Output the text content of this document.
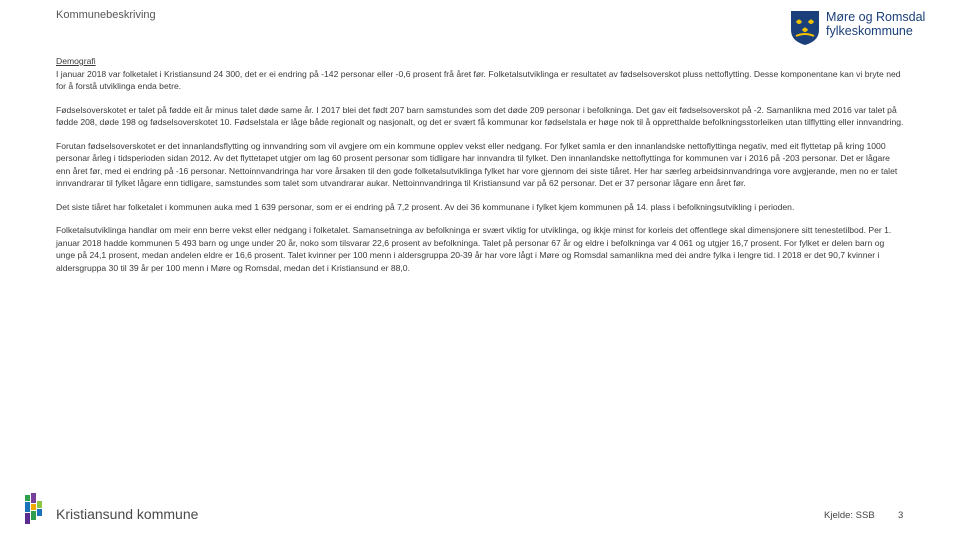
Kommunebeskriving	Møre og Romsdal
fylkeskommune

Demografi

I januar 2018 var folketalet i Kristiansund 24 300, det er ei endring på -142 personar eller -0,6 prosent frå året før. Folketalsutviklinga er resultatet av fødselsoverskot pluss nettoflytting. Desse komponentane kan vi bryte ned for å forstå utviklinga enda betre.

Fødselsoverskotet er talet på fødde eit år minus talet døde same år. I 2017 blei det født 207 barn samstundes som det døde 209 personar i befolkninga. Det gav eit fødselsoverskot på -2. Samanlikna med 2016 var talet på fødde 208, døde 198 og fødselsoverskotet 10. Fødselstala er låge både regionalt og nasjonalt, og det er svært få kommunar kor fødselstala er høge nok til å oppretthalde befolkningsstorleiken utan tilflytting eller innvandring.

Forutan fødselsoverskotet er det innanlandsflytting og innvandring som vil avgjere om ein kommune opplev vekst eller nedgang. For fylket samla er den innanlandske nettoflyttinga negativ, med eit flyttetap på kring 1000 personar årleg i tidsperioden sidan 2012. Av det flyttetapet utgjer om lag 60 prosent personar som tidligare har innvandra til fylket. Den innanlandske nettoflyttinga for kommunen var i 2016 på -203 personar. Det er lågare enn året før, med ei endring på -16 personar. Nettoinnvandringa har vore årsaken til den gode folketalsutviklinga fylket har vore gjennom dei siste tiåret. Her har særleg arbeidsinnvandringa vore avgjerande, men no er talet innvandrarar til fylket lågare enn tidligare, samstundes som talet som utvandrarar aukar. Nettoinnvandringa til Kristiansund var på 62 personar. Det er 37 personar lågare enn året før.

Det siste tiåret har folketalet i kommunen auka med 1 639 personar, som er ei endring på 7,2 prosent. Av dei 36 kommunane i fylket kjem kommunen på 14. plass i befolkningsutvikling i perioden.

Folketalsutviklinga handlar om meir enn berre vekst eller nedgang i folketalet. Samansetninga av befolkninga er svært viktig for utviklinga, og ikkje minst for korleis det offentlege skal dimensjonere sitt tenestetilbod. Per 1. januar 2018 hadde kommunen 5 493 barn og unge under 20 år, noko som tilsvarar 22,6 prosent av befolkninga. Talet på personar 67 år og eldre i befolkninga var 4 061 og utgjer 16,7 prosent. For fylket er delen barn og unge på 24,1 prosent, medan andelen eldre er 16,6 prosent. Talet kvinner per 100 menn i aldersgruppa 20-39 år har vore lågt i Møre og Romsdal samanlikna med dei andre fylka i lengre tid. I 2018 er det 90,7 kvinner i aldersgruppa 30 til 39 år per 100 menn i Møre og Romsdal, medan det i Kristiansund er 88,0.

Kristiansund kommune	Kjelde: SSB 3
